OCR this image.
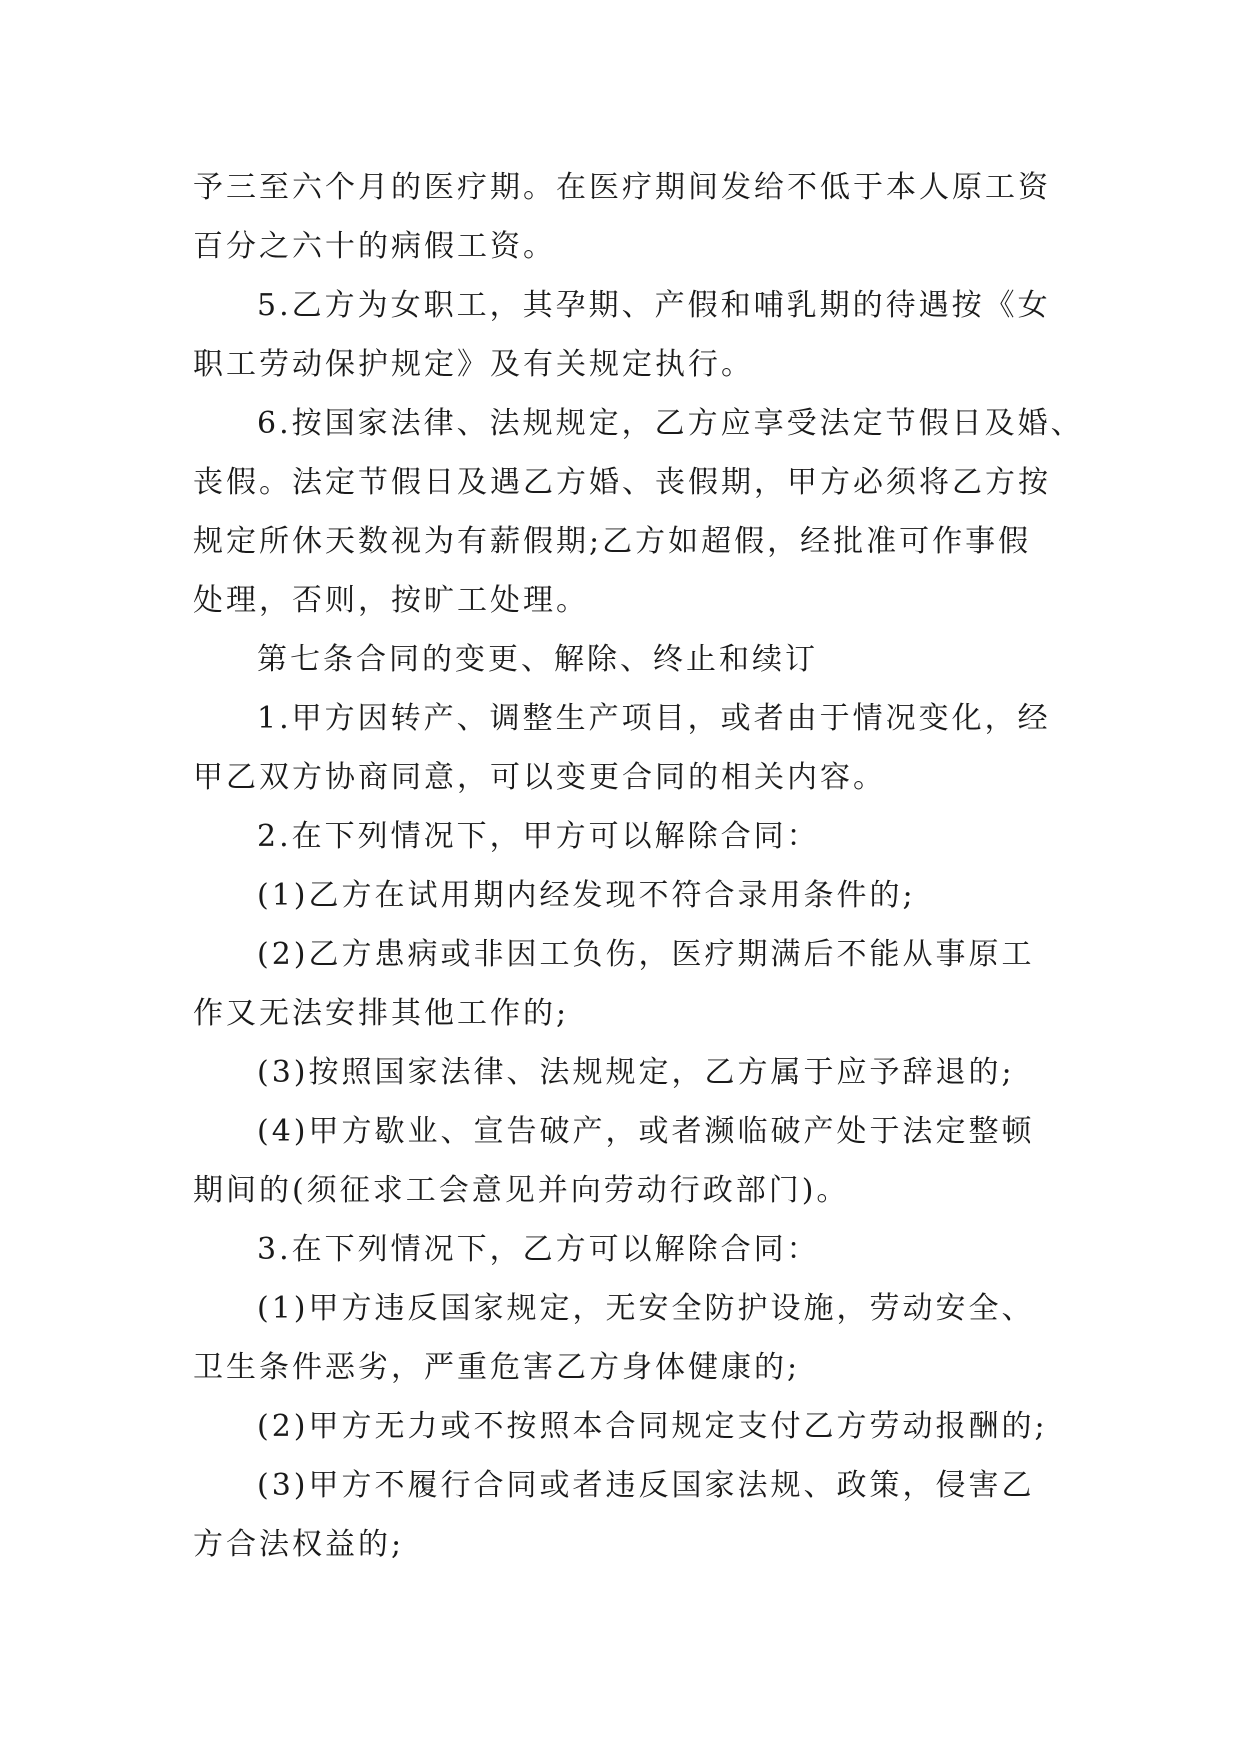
予三至六个月的医疗期。在医疗期间发给不低于本人原工资
百分之六十的病假工资。
5.乙方为女职工，其孕期、产假和哺乳期的待遇按《女
职工劳动保护规定》及有关规定执行。
6.按国家法律、法规规定，乙方应享受法定节假日及婚、
丧假。法定节假日及遇乙方婚、丧假期，甲方必须将乙方按
规定所休天数视为有薪假期;乙方如超假，经批准可作事假
处理，否则，按旷工处理。
第七条合同的变更、解除、终止和续订
1.甲方因转产、调整生产项目，或者由于情况变化，经
甲乙双方协商同意，可以变更合同的相关内容。
2.在下列情况下，甲方可以解除合同：
(1)乙方在试用期内经发现不符合录用条件的;
(2)乙方患病或非因工负伤，医疗期满后不能从事原工
作又无法安排其他工作的;
(3)按照国家法律、法规规定，乙方属于应予辞退的;
(4)甲方歇业、宣告破产，或者濒临破产处于法定整顿
期间的(须征求工会意见并向劳动行政部门)。
3.在下列情况下，乙方可以解除合同：
(1)甲方违反国家规定，无安全防护设施，劳动安全、
卫生条件恶劣，严重危害乙方身体健康的;
(2)甲方无力或不按照本合同规定支付乙方劳动报酬的;
(3)甲方不履行合同或者违反国家法规、政策，侵害乙
方合法权益的;
